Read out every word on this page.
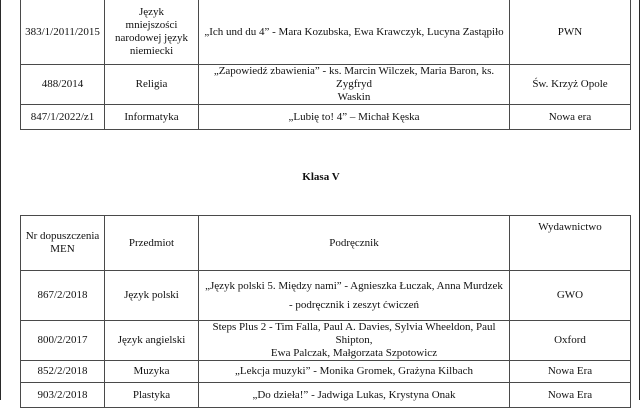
383/1/2011/2015	Język
mniejszości
narodowej język
niemiecki	„Ich und du 4” - Mara Kozubska, Ewa Krawczyk, Lucyna Zastąpiło	PWN
488/2014	Religia	„Zapowiedź zbawienia” - ks. Marcin Wilczek, Maria Baron, ks. Zygfryd
Waskin	Św. Krzyż Opole
847/1/2022/z1	Informatyka	„Lubię to! 4” – Michał Kęska	Nowa era
Klasa V
Nr dopuszczenia
MEN	Przedmiot	Podręcznik	Wydawnictwo
867/2/2018	Język polski	„Język polski 5. Między nami” - Agnieszka Łuczak, Anna Murdzek
- podręcznik i zeszyt ćwiczeń	GWO
800/2/2017	Język angielski	Steps Plus 2 - Tim Falla, Paul A. Davies, Sylvia Wheeldon, Paul Shipton,
Ewa Palczak, Małgorzata Szpotowicz	Oxford
852/2/2018	Muzyka	„Lekcja muzyki” - Monika Gromek, Grażyna Kilbach	Nowa Era
903/2/2018	Plastyka	„Do dzieła!” - Jadwiga Lukas, Krystyna Onak	Nowa Era
